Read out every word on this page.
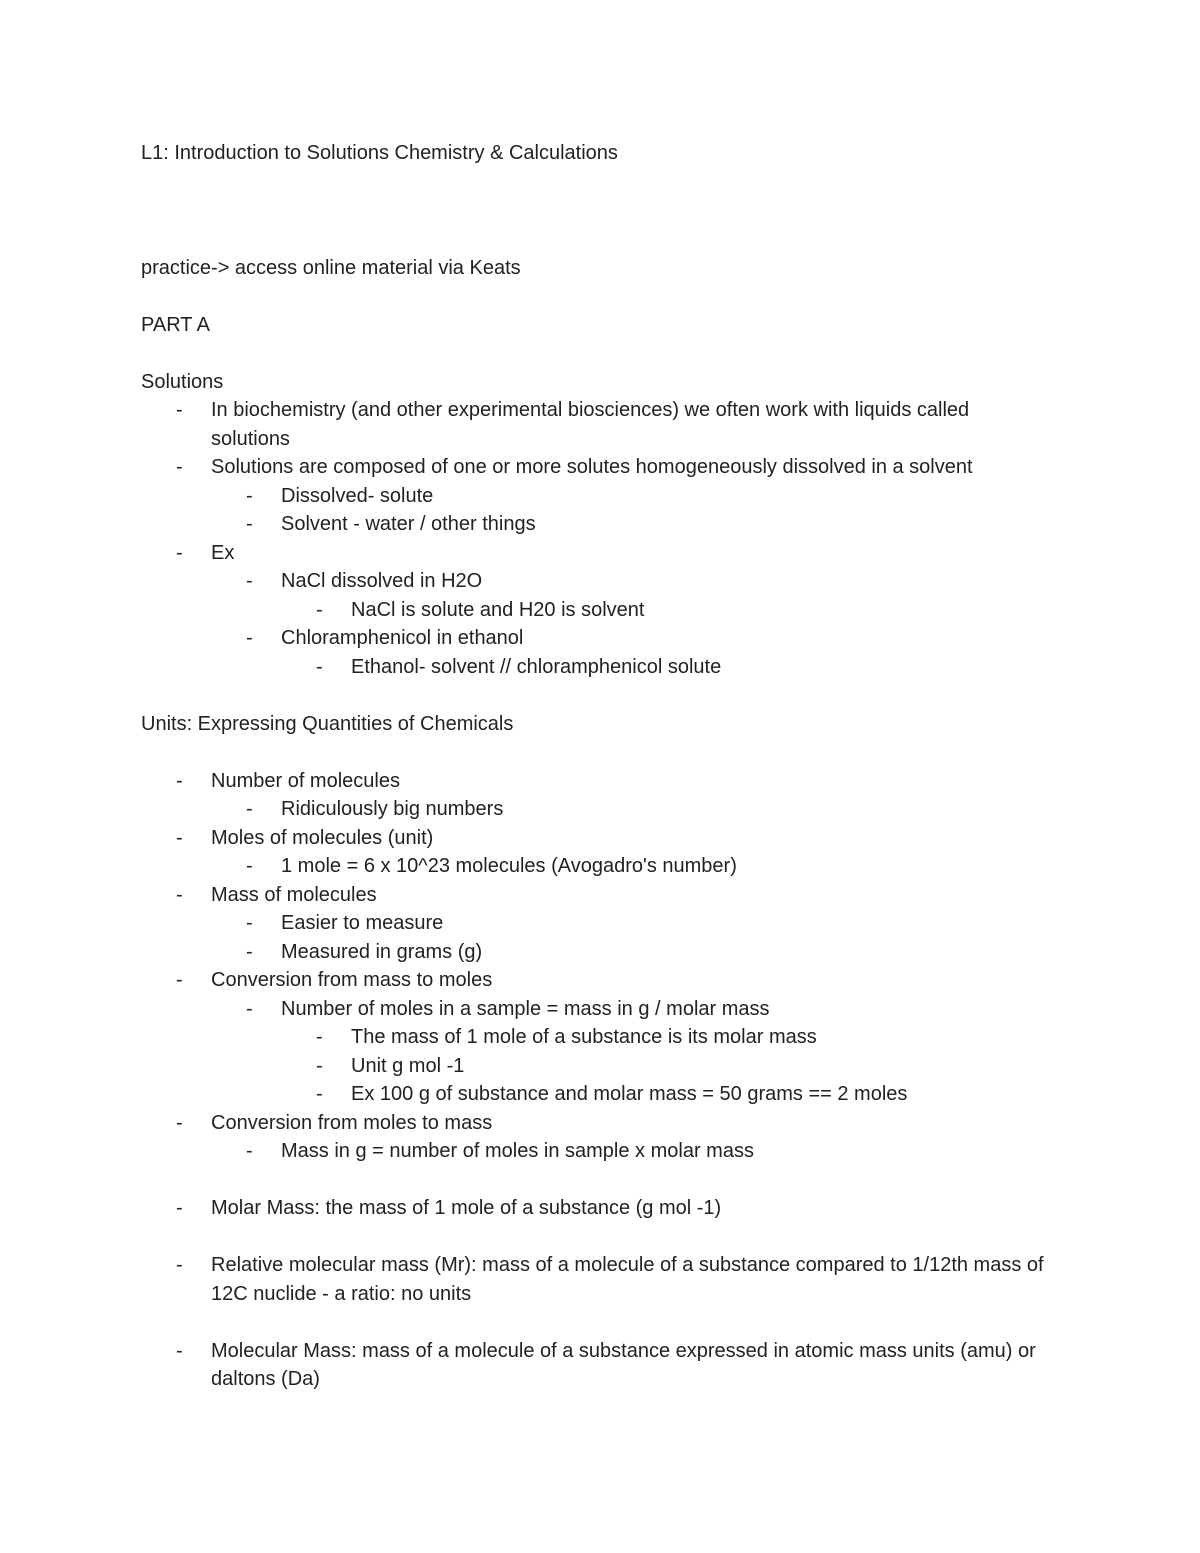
L1: Introduction to Solutions Chemistry & Calculations

practice-> access online material via Keats

PART A

Solutions

- In biochemistry (and other experimental biosciences) we often work with liquids called solutions
- Solutions are composed of one or more solutes homogeneously dissolved in a solvent
- Dissolved- solute
- Solvent - water / other things
- Ex
- NaCl dissolved in H2O
- NaCl is solute and H20 is solvent
- Chloramphenicol in ethanol
- Ethanol- solvent // chloramphenicol solute

Units: Expressing Quantities of Chemicals

- Number of molecules
- Ridiculously big numbers
- Moles of molecules (unit)
- 1 mole = 6 x 10^23 molecules (Avogadro's number)
- Mass of molecules
- Easier to measure
- Measured in grams (g)
- Conversion from mass to moles
- Number of moles in a sample = mass in g / molar mass
- The mass of 1 mole of a substance is its molar mass
- Unit g mol -1
- Ex 100 g of substance and molar mass = 50 grams == 2 moles
- Conversion from moles to mass
- Mass in g = number of moles in sample x molar mass
- Molar Mass: the mass of 1 mole of a substance (g mol -1)
- Relative molecular mass (Mr): mass of a molecule of a substance compared to 1/12th mass of 12C nuclide - a ratio: no units
- Molecular Mass: mass of a molecule of a substance expressed in atomic mass units (amu) or daltons (Da)
